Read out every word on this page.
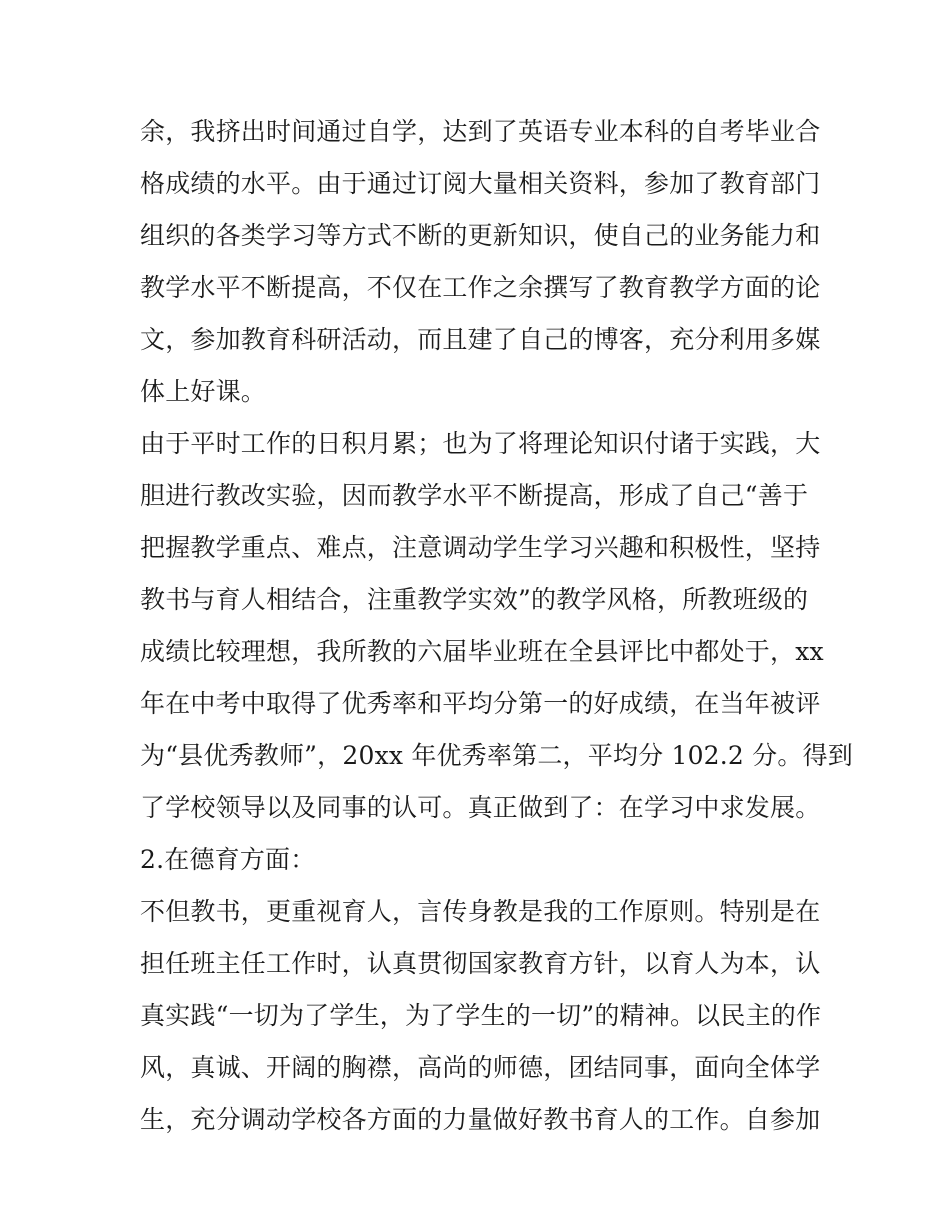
余，我挤出时间通过自学，达到了英语专业本科的自考毕业合
格成绩的水平。由于通过订阅大量相关资料，参加了教育部门
组织的各类学习等方式不断的更新知识，使自己的业务能力和
教学水平不断提高，不仅在工作之余撰写了教育教学方面的论
文，参加教育科研活动，而且建了自己的博客，充分利用多媒
体上好课。
由于平时工作的日积月累；也为了将理论知识付诸于实践，大
胆进行教改实验，因而教学水平不断提高，形成了自己“善于
把握教学重点、难点，注意调动学生学习兴趣和积极性，坚持
教书与育人相结合，注重教学实效”的教学风格，所教班级的
成绩比较理想，我所教的六届毕业班在全县评比中都处于，xx
年在中考中取得了优秀率和平均分第一的好成绩，在当年被评
为“县优秀教师”，20xx 年优秀率第二，平均分 102.2 分。得到
了学校领导以及同事的认可。真正做到了：在学习中求发展。
2.在德育方面：
不但教书，更重视育人，言传身教是我的工作原则。特别是在
担任班主任工作时，认真贯彻国家教育方针，以育人为本，认
真实践“一切为了学生，为了学生的一切”的精神。以民主的作
风，真诚、开阔的胸襟，高尚的师德，团结同事，面向全体学
生，充分调动学校各方面的力量做好教书育人的工作。自参加
